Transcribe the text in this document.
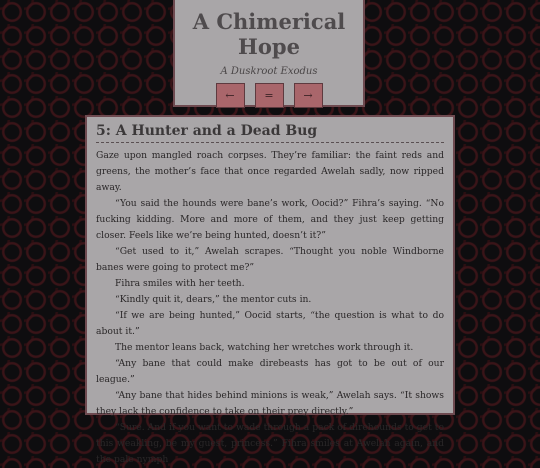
A Chimerical Hope
A Duskroot Exodus
←	=	→
5: A Hunter and a Dead Bug

Gaze upon mangled roach corpses. They’re familiar: the faint reds and greens, the mother’s face that once regarded Awelah sadly, now ripped away.

“You said the hounds were bane’s work, Oocid?” Fihra’s saying. “No fucking kidding. More and more of them, and they just keep getting closer. Feels like we’re being hunted, doesn’t it?”

“Get used to it,” Awelah scrapes. “Thought you noble Windborne banes were going to protect me?”

Fihra smiles with her teeth.

“Kindly quit it, dears,” the mentor cuts in.

“If we are being hunted,” Oocid starts, “the question is what to do about it.”

The mentor leans back, watching her wretches work through it.

“Any bane that could make direbeasts has got to be out of our league.”

“Any bane that hides behind minions is weak,” Awelah says. “It shows they lack the confidence to take on their prey directly.”

“Sure. And if you want to wade through a pack of direhounds to get to this weakling, be my guest, princess.” Fihra smiles at Awelah again, and the pale nymph
